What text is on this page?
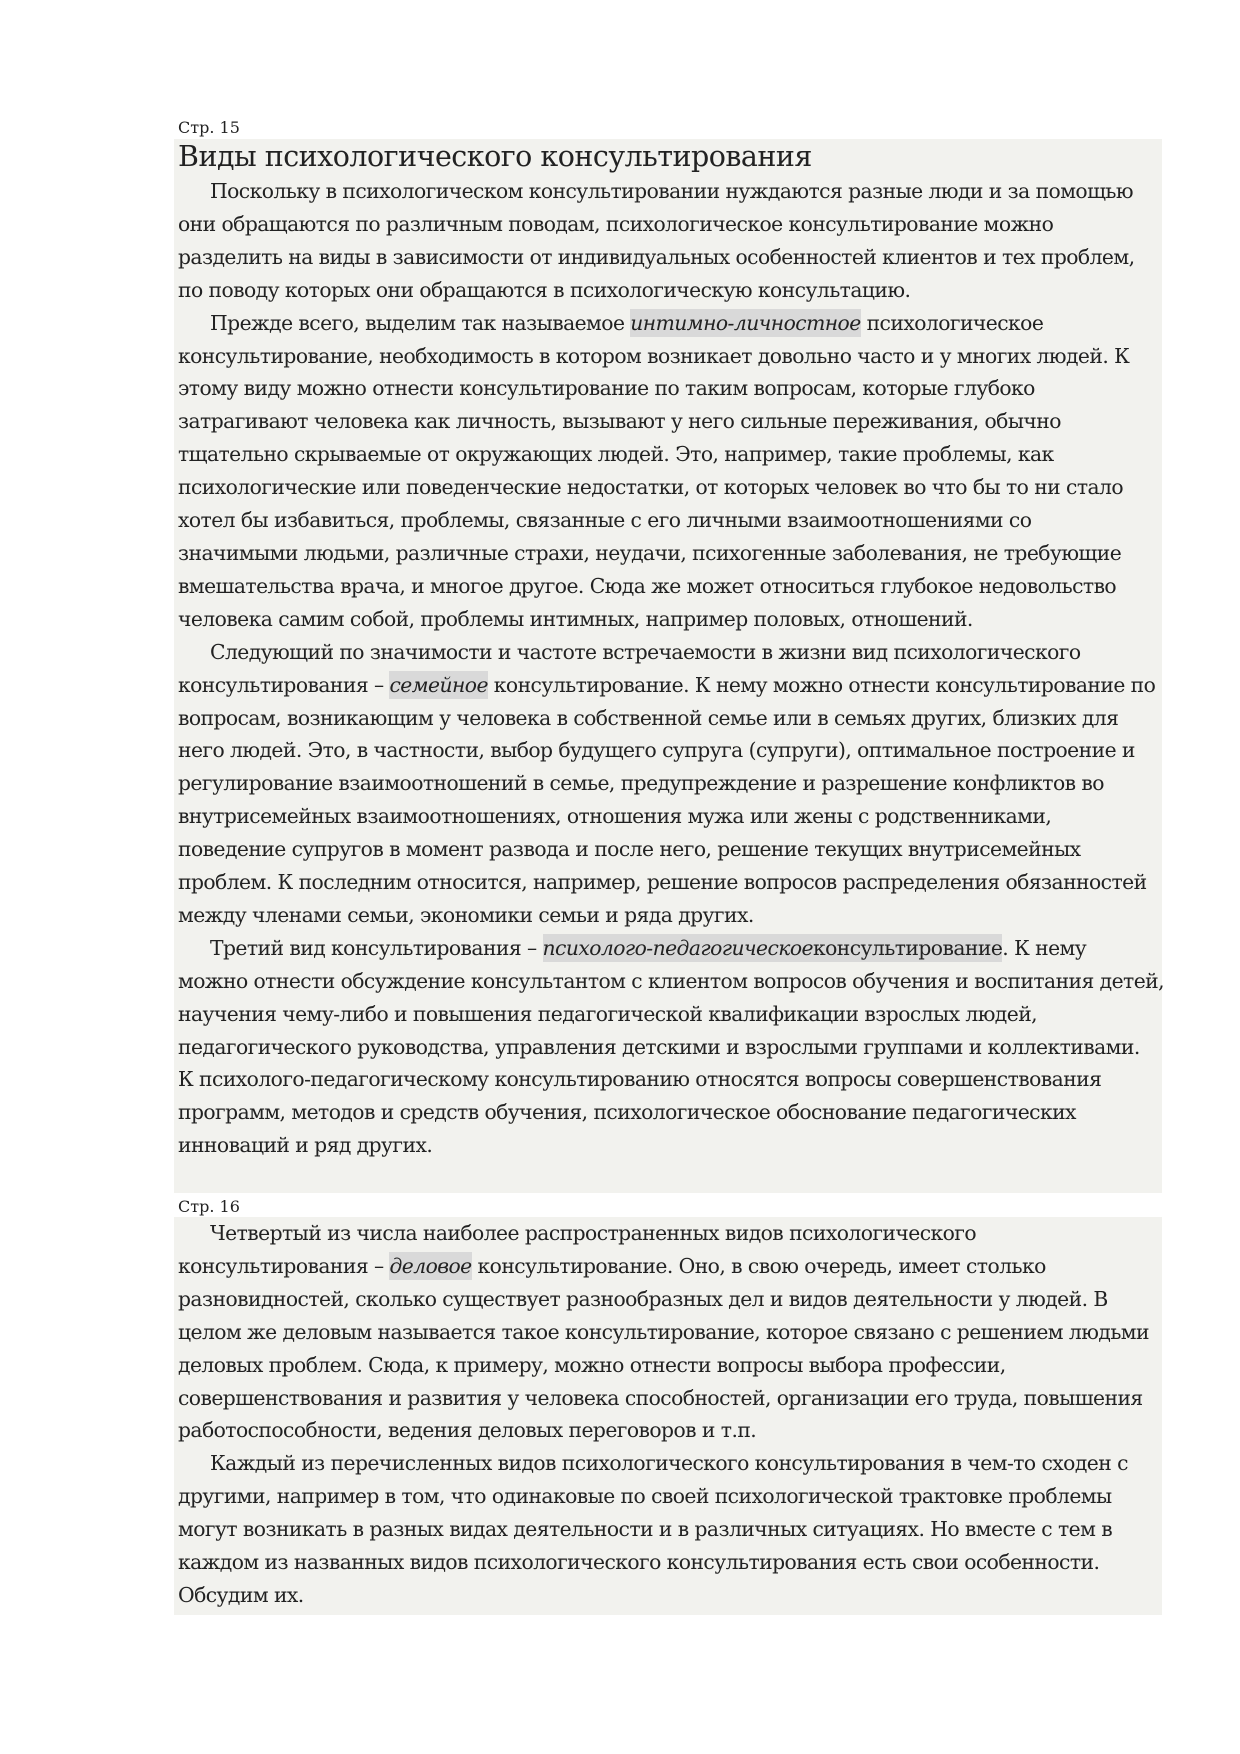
Стр. 15
Виды психологического консультирования
Поскольку в психологическом консультировании нуждаются разные люди и за помощью
они обращаются по различным поводам, психологическое консультирование можно
разделить на виды в зависимости от индивидуальных особенностей клиентов и тех проблем,
по поводу которых они обращаются в психологическую консультацию.
Прежде всего, выделим так называемое интимно-личностное психологическое
консультирование, необходимость в котором возникает довольно часто и у многих людей. К
этому виду можно отнести консультирование по таким вопросам, которые глубоко
затрагивают человека как личность, вызывают у него сильные переживания, обычно
тщательно скрываемые от окружающих людей. Это, например, такие проблемы, как
психологические или поведенческие недостатки, от которых человек во что бы то ни стало
хотел бы избавиться, проблемы, связанные с его личными взаимоотношениями со
значимыми людьми, различные страхи, неудачи, психогенные заболевания, не требующие
вмешательства врача, и многое другое. Сюда же может относиться глубокое недовольство
человека самим собой, проблемы интимных, например половых, отношений.
Следующий по значимости и частоте встречаемости в жизни вид психологического
консультирования – семейное консультирование. К нему можно отнести консультирование по
вопросам, возникающим у человека в собственной семье или в семьях других, близких для
него людей. Это, в частности, выбор будущего супруга (супруги), оптимальное построение и
регулирование взаимоотношений в семье, предупреждение и разрешение конфликтов во
внутрисемейных взаимоотношениях, отношения мужа или жены с родственниками,
поведение супругов в момент развода и после него, решение текущих внутрисемейных
проблем. К последним относится, например, решение вопросов распределения обязанностей
между членами семьи, экономики семьи и ряда других.
Третий вид консультирования – психолого-педагогическоеконсультирование. К нему
можно отнести обсуждение консультантом с клиентом вопросов обучения и воспитания детей,
научения чему-либо и повышения педагогической квалификации взрослых людей,
педагогического руководства, управления детскими и взрослыми группами и коллективами.
К психолого-педагогическому консультированию относятся вопросы совершенствования
программ, методов и средств обучения, психологическое обоснование педагогических
инноваций и ряд других.
Стр. 16
Четвертый из числа наиболее распространенных видов психологического
консультирования – деловое консультирование. Оно, в свою очередь, имеет столько
разновидностей, сколько существует разнообразных дел и видов деятельности у людей. В
целом же деловым называется такое консультирование, которое связано с решением людьми
деловых проблем. Сюда, к примеру, можно отнести вопросы выбора профессии,
совершенствования и развития у человека способностей, организации его труда, повышения
работоспособности, ведения деловых переговоров и т.п.
Каждый из перечисленных видов психологического консультирования в чем-то сходен с
другими, например в том, что одинаковые по своей психологической трактовке проблемы
могут возникать в разных видах деятельности и в различных ситуациях. Но вместе с тем в
каждом из названных видов психологического консультирования есть свои особенности.
Обсудим их.
